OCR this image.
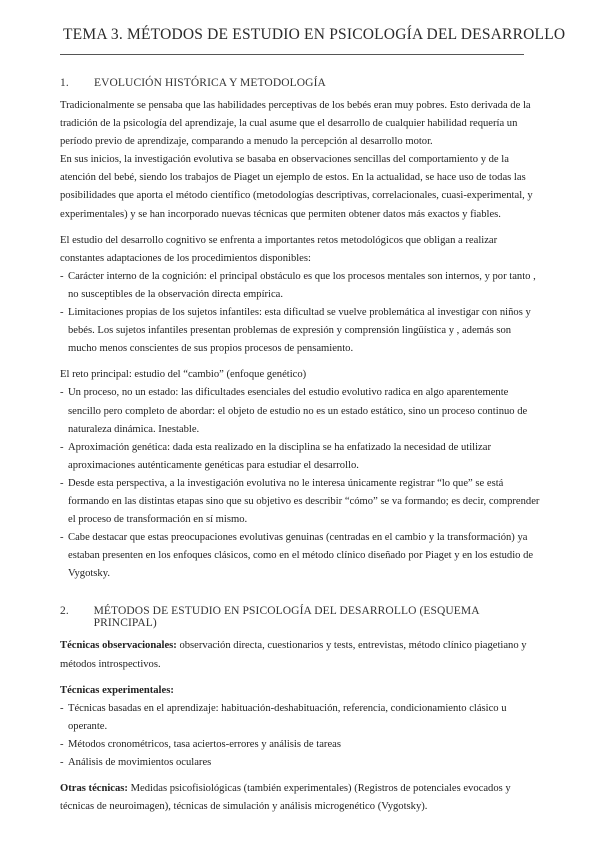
TEMA 3. MÉTODOS DE ESTUDIO EN PSICOLOGÍA DEL DESARROLLO
1.	EVOLUCIÓN HISTÓRICA Y METODOLOGÍA

Tradicionalmente se pensaba que las habilidades perceptivas de los bebés eran muy pobres. Esto derivada de la tradición de la psicología del aprendizaje, la cual asume que el desarrollo de cualquier habilidad requería un período previo de aprendizaje, comparando a menudo la percepción al desarrollo motor.

En sus inicios, la investigación evolutiva se basaba en observaciones sencillas del comportamiento y de la atención del bebé, siendo los trabajos de Piaget un ejemplo de estos. En la actualidad, se hace uso de todas las posibilidades que aporta el método científico (metodologías descriptivas, correlacionales, cuasi-experimental, y experimentales) y se han incorporado nuevas técnicas que permiten obtener datos más exactos y fiables.

El estudio del desarrollo cognitivo se enfrenta a importantes retos metodológicos que obligan a realizar constantes adaptaciones de los procedimientos disponibles:

- Carácter interno de la cognición: el principal obstáculo es que los procesos mentales son internos, y por tanto , no susceptibles de la observación directa empírica.
- Limitaciones propias de los sujetos infantiles: esta dificultad se vuelve problemática al investigar con niños y bebés. Los sujetos infantiles presentan problemas de expresión y comprensión lingüística y , además son mucho menos conscientes de sus propios procesos de pensamiento.

El reto principal: estudio del “cambio” (enfoque genético)

- Un proceso, no un estado: las dificultades esenciales del estudio evolutivo radica en algo aparentemente sencillo pero completo de abordar: el objeto de estudio no es un estado estático, sino un proceso continuo de naturaleza dinámica. Inestable.
- Aproximación genética: dada esta realizado en la disciplina se ha enfatizado la necesidad de utilizar aproximaciones auténticamente genéticas para estudiar el desarrollo.
- Desde esta perspectiva, a la investigación evolutiva no le interesa únicamente registrar “lo que” se está formando en las distintas etapas sino que su objetivo es describir “cómo” se va formando; es decir, comprender el proceso de transformación en sí mismo.
- Cabe destacar que estas preocupaciones evolutivas genuinas (centradas en el cambio y la transformación) ya estaban presenten en los enfoques clásicos, como en el método clínico diseñado por Piaget y en los estudio de Vygotsky.
2.	MÉTODOS DE ESTUDIO EN PSICOLOGÍA DEL DESARROLLO (ESQUEMA PRINCIPAL)

Técnicas observacionales: observación directa, cuestionarios y tests, entrevistas, método clínico piagetiano y métodos introspectivos.

Técnicas experimentales:

- Técnicas basadas en el aprendizaje: habituación-deshabituación, referencia, condicionamiento clásico u operante.
- Métodos cronométricos, tasa aciertos-errores y análisis de tareas
- Análisis de movimientos oculares

Otras técnicas: Medidas psicofisiológicas (también experimentales) (Registros de potenciales evocados y técnicas de neuroimagen), técnicas de simulación y análisis microgenético (Vygotsky).
